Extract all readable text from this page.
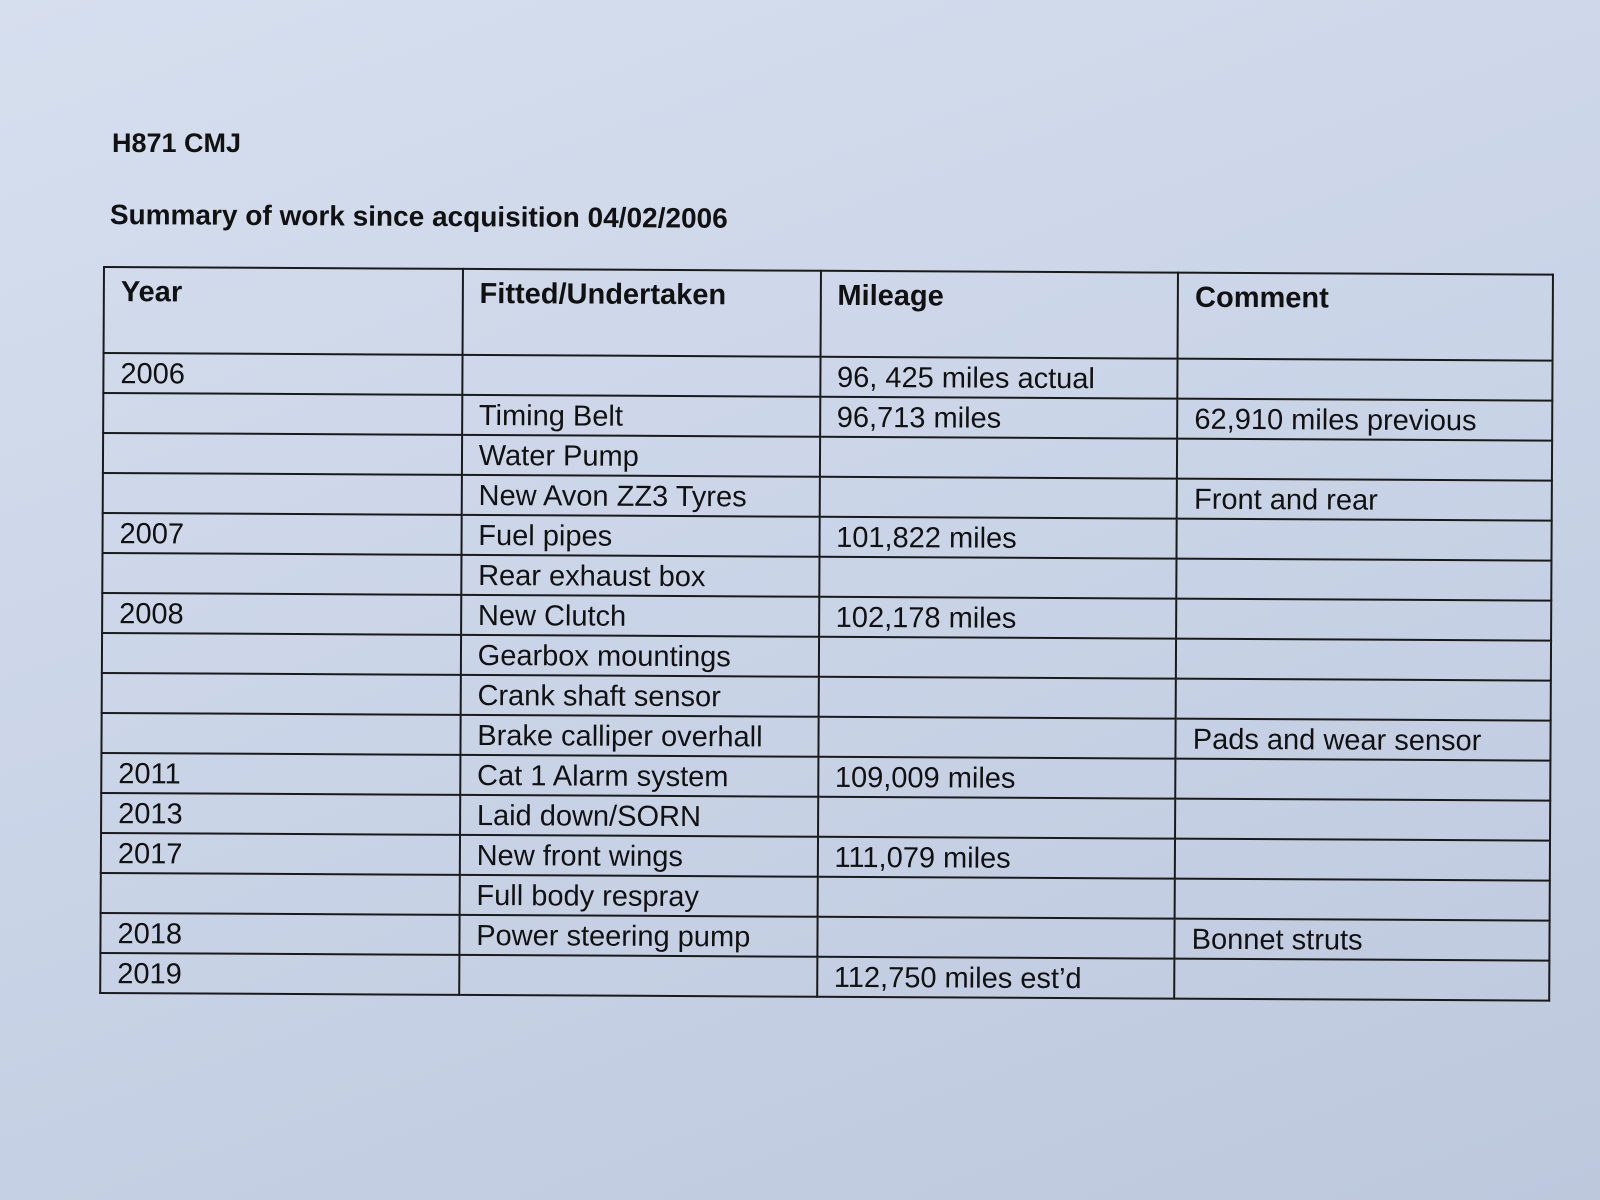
H871 CMJ
Summary of work since acquisition 04/02/2006
Year	Fitted/Undertaken	Mileage	Comment
2006		96, 425 miles actual	
	Timing Belt	96,713 miles	62,910 miles previous
	Water Pump		
	New Avon ZZ3 Tyres		Front and rear
2007	Fuel pipes	101,822 miles	
	Rear exhaust box		
2008	New Clutch	102,178 miles	
	Gearbox mountings		
	Crank shaft sensor		
	Brake calliper overhall		Pads and wear sensor
2011	Cat 1 Alarm system	109,009 miles	
2013	Laid down/SORN		
2017	New front wings	111,079 miles	
	Full body respray		
2018	Power steering pump		Bonnet struts
2019		112,750 miles est’d	
